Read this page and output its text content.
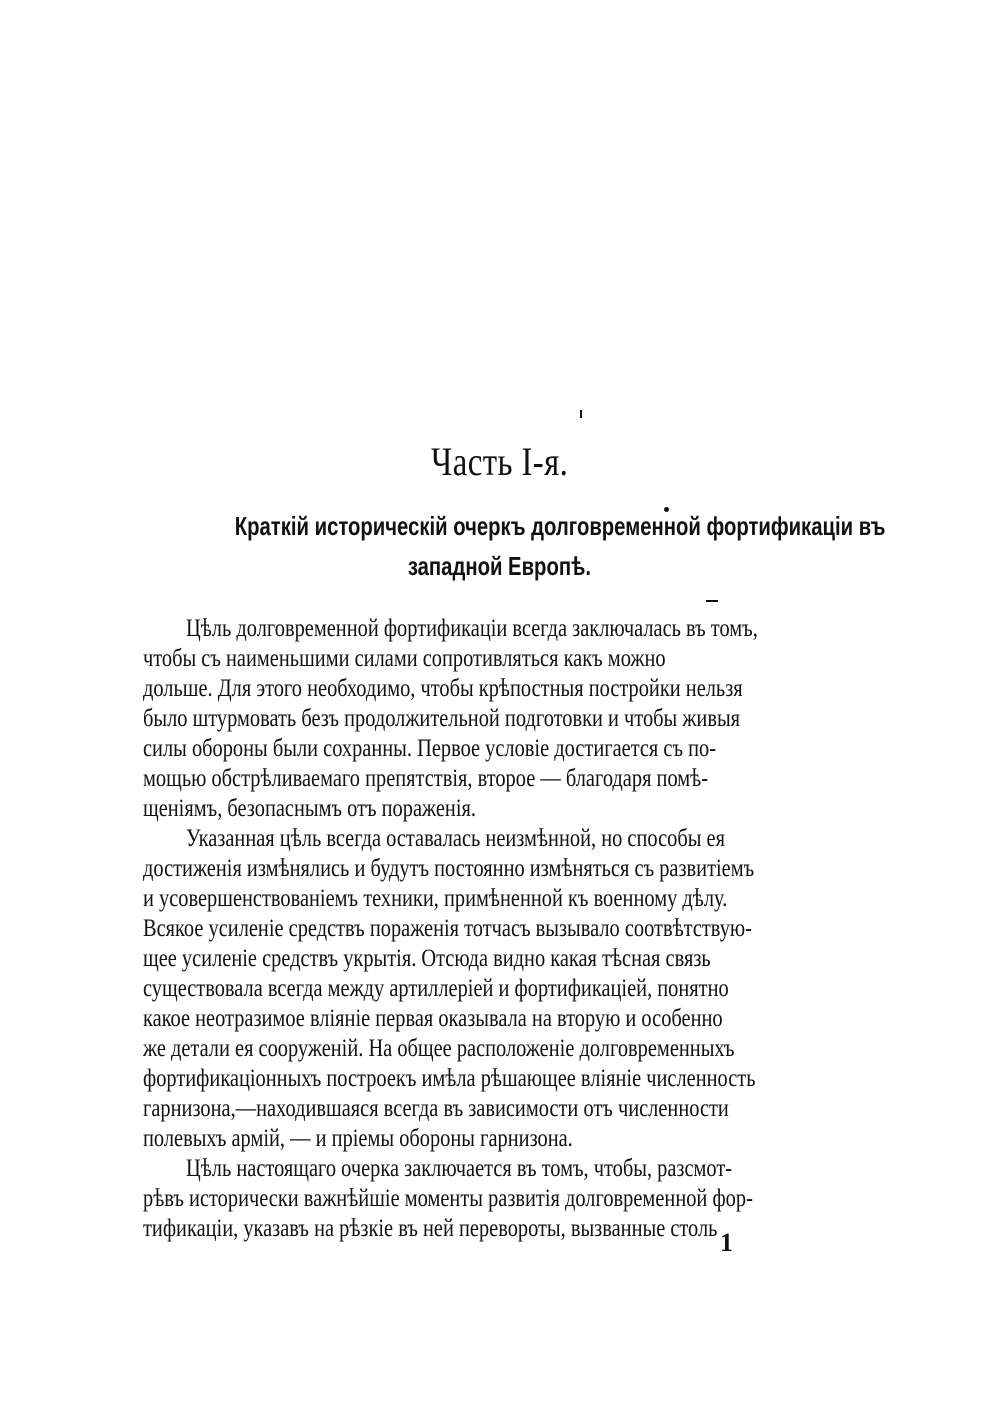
Часть I-я.
Краткій историческій очеркъ долговременной фортификаціи въ
западной Европѣ.
Цѣль долговременной фортификаціи всегда заключалась въ томъ,
чтобы съ наименьшими силами сопротивляться какъ можно
дольше. Для этого необходимо, чтобы крѣпостныя постройки нельзя
было штурмовать безъ продолжительной подготовки и чтобы живыя
силы обороны были сохранны. Первое условіе достигается съ по-
мощью обстрѣливаемаго препятствія, второе — благодаря помѣ-
щеніямъ, безопаснымъ отъ пораженія.
Указанная цѣль всегда оставалась неизмѣнной, но способы ея
достиженія измѣнялись и будутъ постоянно измѣняться съ развитіемъ
и усовершенствованіемъ техники, примѣненной къ военному дѣлу.
Всякое усиленіе средствъ пораженія тотчасъ вызывало соотвѣтствую-
щее усиленіе средствъ укрытія. Отсюда видно какая тѣсная связь
существовала всегда между артиллеріей и фортификаціей, понятно
какое неотразимое вліяніе первая оказывала на вторую и особенно
же детали ея сооруженій. На общее расположеніе долговременныхъ
фортификаціонныхъ построекъ имѣла рѣшающее вліяніе численность
гарнизона,—находившаяся всегда въ зависимости отъ численности
полевыхъ армій, — и пріемы обороны гарнизона.
Цѣль настоящаго очерка заключается въ томъ, чтобы, разсмот-
рѣвъ исторически важнѣйшіе моменты развитія долговременной фор-
тификаціи, указавъ на рѣзкіе въ ней перевороты, вызванные столь
1
